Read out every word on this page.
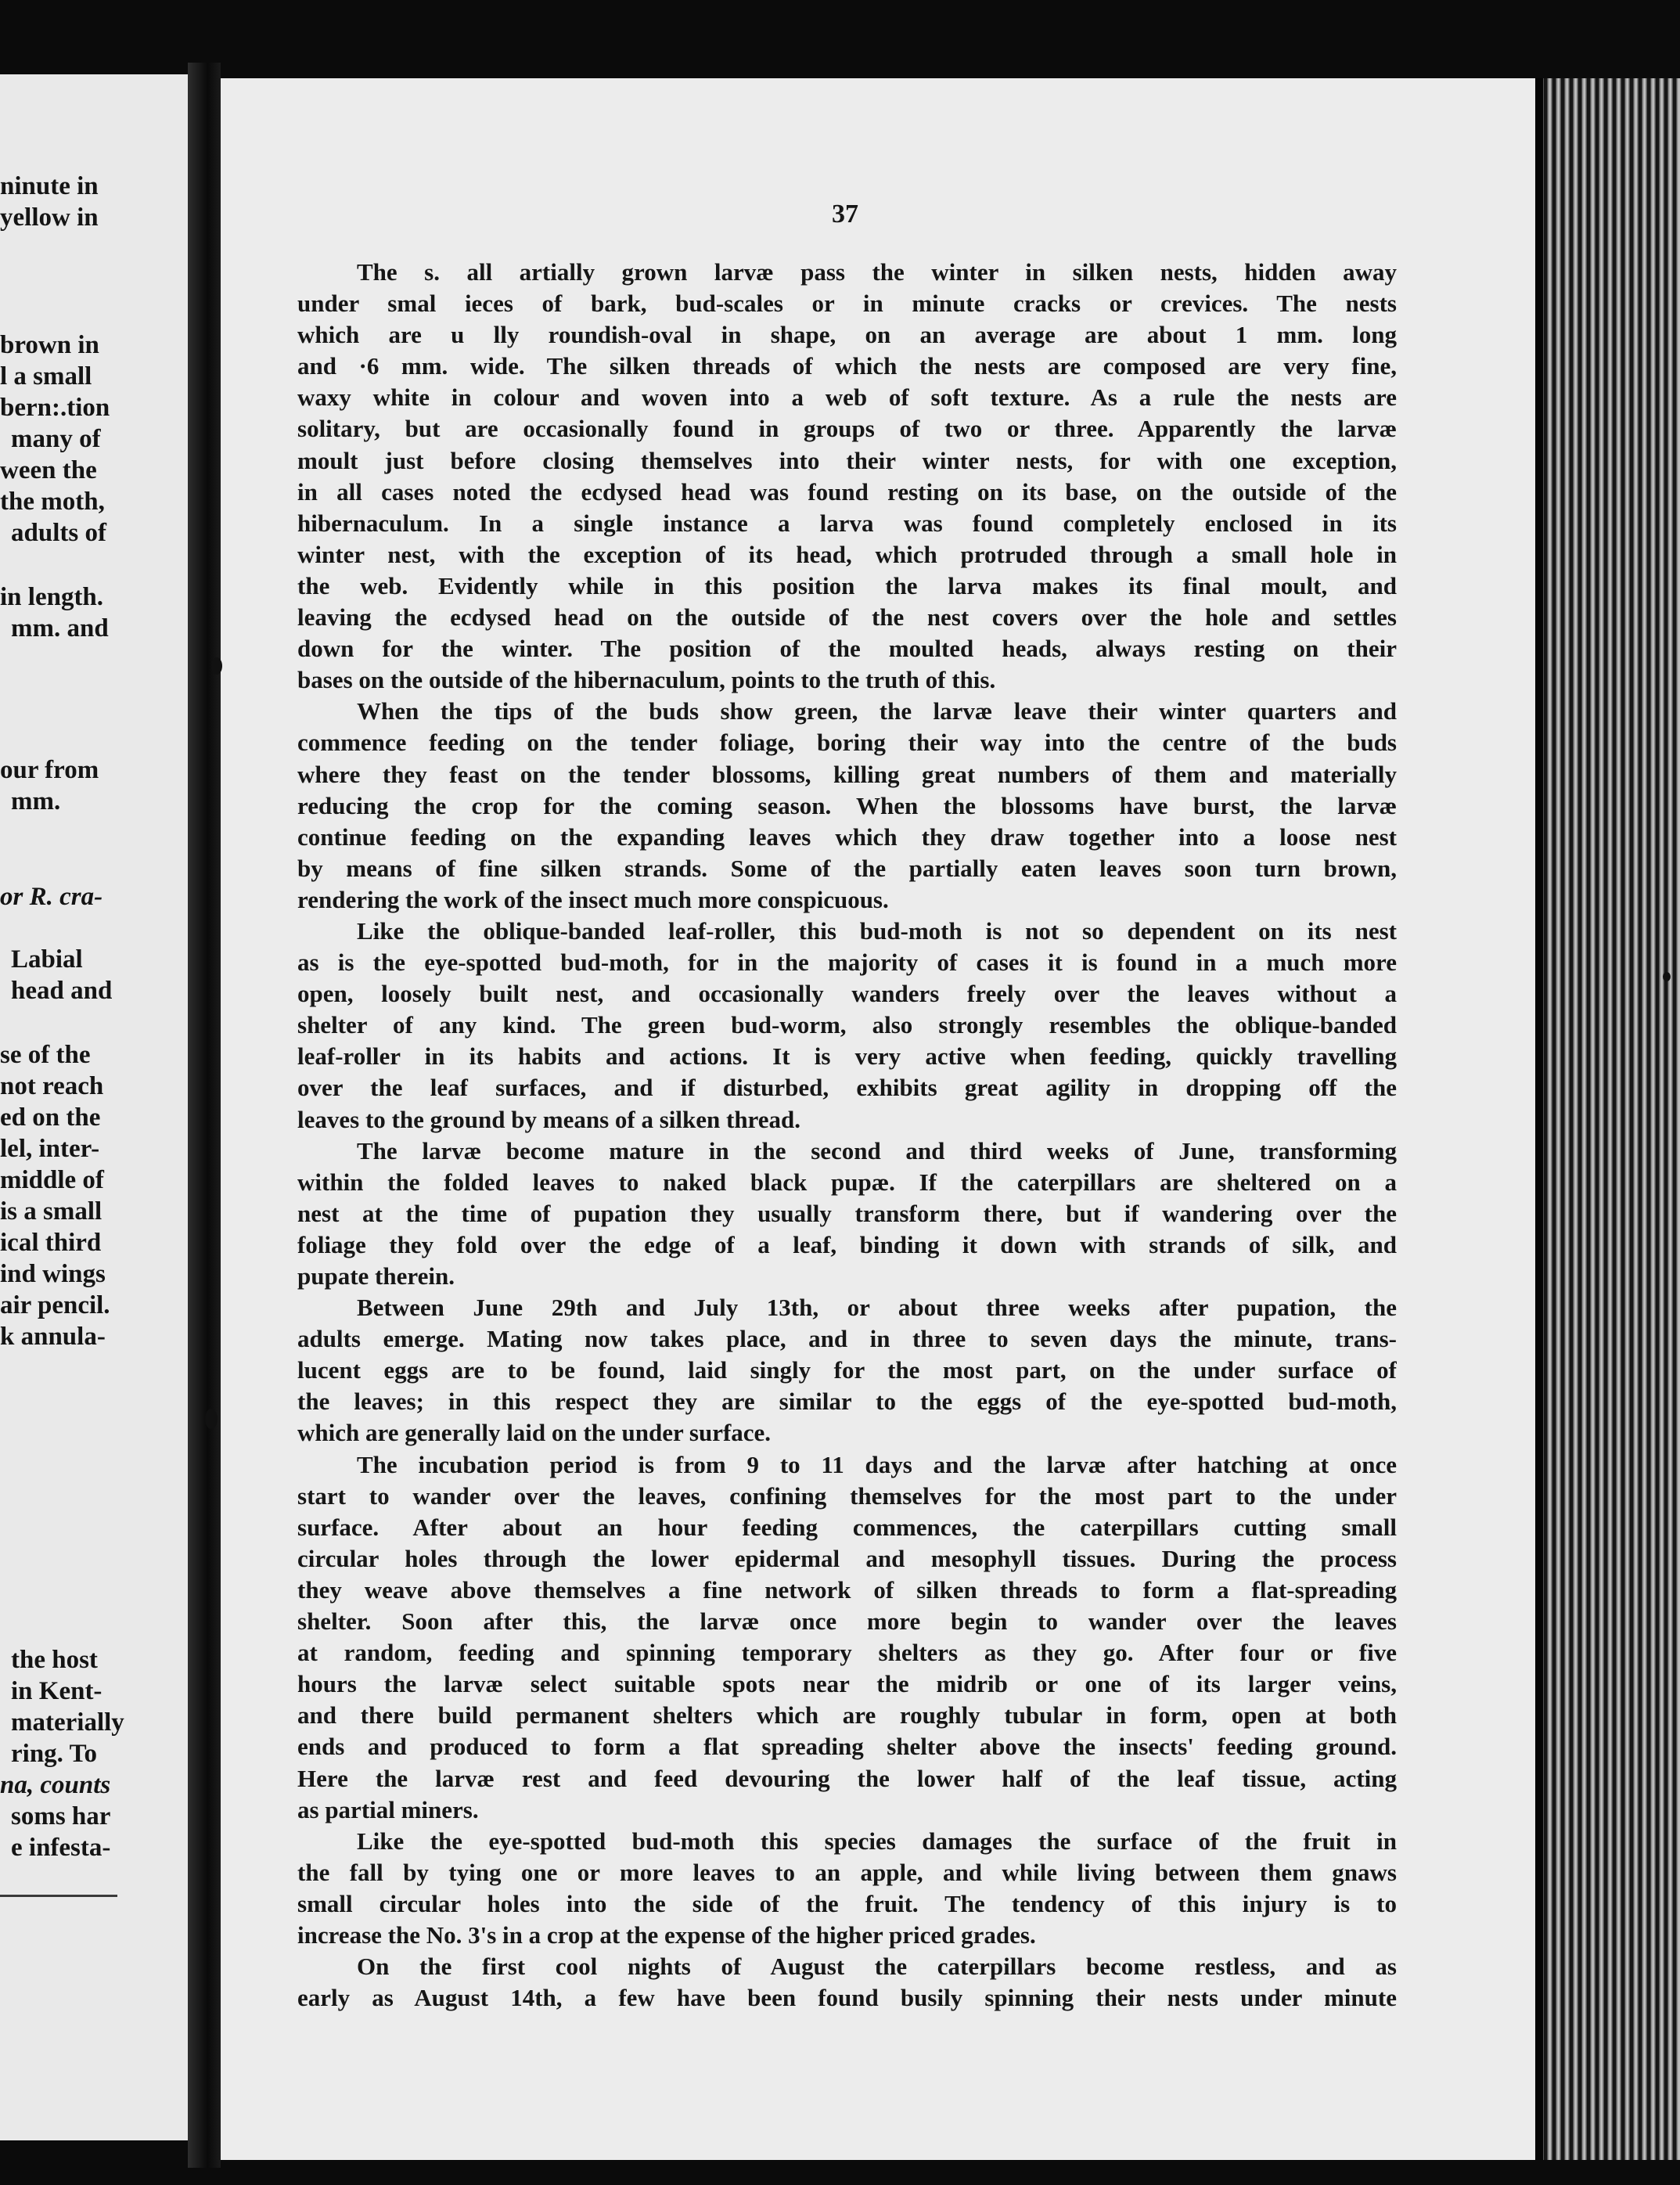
ninute in
yellow in
brown in
l a small
bern:.tion
many of
ween the
the moth,
adults of
in length.
mm. and
our from
mm.
or R. cra-
Labial
head and
se of the
not reach
ed on the
lel, inter-
middle of
is a small
ical third
ind wings
air pencil.
k annula-
the host
in Kent-
materially
ring. To
na, counts
soms har
e infesta-
37
The s. all artially grown larvæ pass the winter in silken nests, hidden away
under smal ieces of bark, bud-scales or in minute cracks or crevices. The nests
which are u lly roundish-oval in shape, on an average are about 1 mm. long
and ·6 mm. wide. The silken threads of which the nests are composed are very fine,
waxy white in colour and woven into a web of soft texture. As a rule the nests are
solitary, but are occasionally found in groups of two or three. Apparently the larvæ
moult just before closing themselves into their winter nests, for with one exception,
in all cases noted the ecdysed head was found resting on its base, on the outside of the
hibernaculum. In a single instance a larva was found completely enclosed in its
winter nest, with the exception of its head, which protruded through a small hole in
the web. Evidently while in this position the larva makes its final moult, and
leaving the ecdysed head on the outside of the nest covers over the hole and settles
down for the winter. The position of the moulted heads, always resting on their
bases on the outside of the hibernaculum, points to the truth of this.
When the tips of the buds show green, the larvæ leave their winter quarters and
commence feeding on the tender foliage, boring their way into the centre of the buds
where they feast on the tender blossoms, killing great numbers of them and materially
reducing the crop for the coming season. When the blossoms have burst, the larvæ
continue feeding on the expanding leaves which they draw together into a loose nest
by means of fine silken strands. Some of the partially eaten leaves soon turn brown,
rendering the work of the insect much more conspicuous.
Like the oblique-banded leaf-roller, this bud-moth is not so dependent on its nest
as is the eye-spotted bud-moth, for in the majority of cases it is found in a much more
open, loosely built nest, and occasionally wanders freely over the leaves without a
shelter of any kind. The green bud-worm, also strongly resembles the oblique-banded
leaf-roller in its habits and actions. It is very active when feeding, quickly travelling
over the leaf surfaces, and if disturbed, exhibits great agility in dropping off the
leaves to the ground by means of a silken thread.
The larvæ become mature in the second and third weeks of June, transforming
within the folded leaves to naked black pupæ. If the caterpillars are sheltered on a
nest at the time of pupation they usually transform there, but if wandering over the
foliage they fold over the edge of a leaf, binding it down with strands of silk, and
pupate therein.
Between June 29th and July 13th, or about three weeks after pupation, the
adults emerge. Mating now takes place, and in three to seven days the minute, trans-
lucent eggs are to be found, laid singly for the most part, on the under surface of
the leaves; in this respect they are similar to the eggs of the eye-spotted bud-moth,
which are generally laid on the under surface.
The incubation period is from 9 to 11 days and the larvæ after hatching at once
start to wander over the leaves, confining themselves for the most part to the under
surface. After about an hour feeding commences, the caterpillars cutting small
circular holes through the lower epidermal and mesophyll tissues. During the process
they weave above themselves a fine network of silken threads to form a flat-spreading
shelter. Soon after this, the larvæ once more begin to wander over the leaves
at random, feeding and spinning temporary shelters as they go. After four or five
hours the larvæ select suitable spots near the midrib or one of its larger veins,
and there build permanent shelters which are roughly tubular in form, open at both
ends and produced to form a flat spreading shelter above the insects' feeding ground.
Here the larvæ rest and feed devouring the lower half of the leaf tissue, acting
as partial miners.
Like the eye-spotted bud-moth this species damages the surface of the fruit in
the fall by tying one or more leaves to an apple, and while living between them gnaws
small circular holes into the side of the fruit. The tendency of this injury is to
increase the No. 3's in a crop at the expense of the higher priced grades.
On the first cool nights of August the caterpillars become restless, and as
early as August 14th, a few have been found busily spinning their nests under minute
